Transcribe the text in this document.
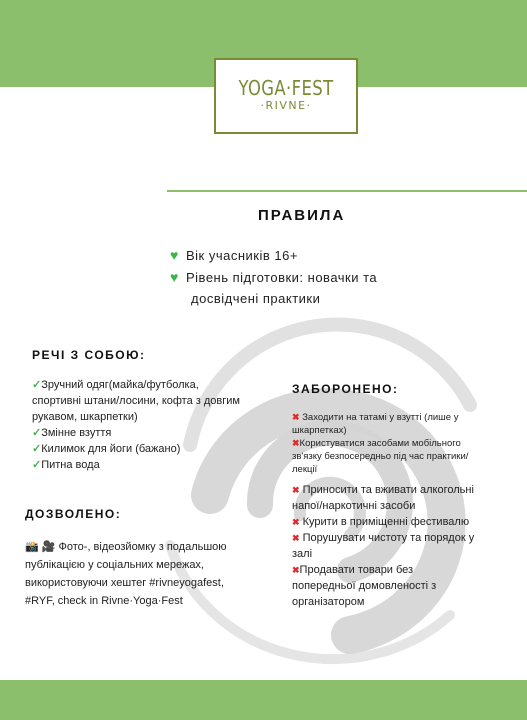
YOGA·FEST
·RIVNE·
ПРАВИЛА
♥ Вік учасників 16+
♥ Рівень підготовки: новачки та
досвідчені практики
РЕЧІ З СОБОЮ:
✓Зручний одяг(майка/футболка,
спортивні штани/лосини, кофта з довгим
рукавом, шкарпетки)
✓Змінне взуття
✓Килимок для йоги (бажано)
✓Питна вода
ДОЗВОЛЕНО:
📸 🎥 Фото-, відеозйомку з подальшою
публікацією у соціальних мережах,
використовуючи хештег #rivneyogafest,
#RYF, check in Rivne·Yoga·Fest
ЗАБОРОНЕНО:
✖ Заходити на татамі у взутті (лише у
шкарпетках)
✖Користуватися засобами мобільного
зв'язку безпосередньо під час практики/
лекції
✖ Приносити та вживати алкогольні
напої/наркотичні засоби
✖ Курити в приміщенні фестивалю
✖ Порушувати чистоту та порядок у
залі
✖Продавати товари без
попередньої домовленості з
організатором
